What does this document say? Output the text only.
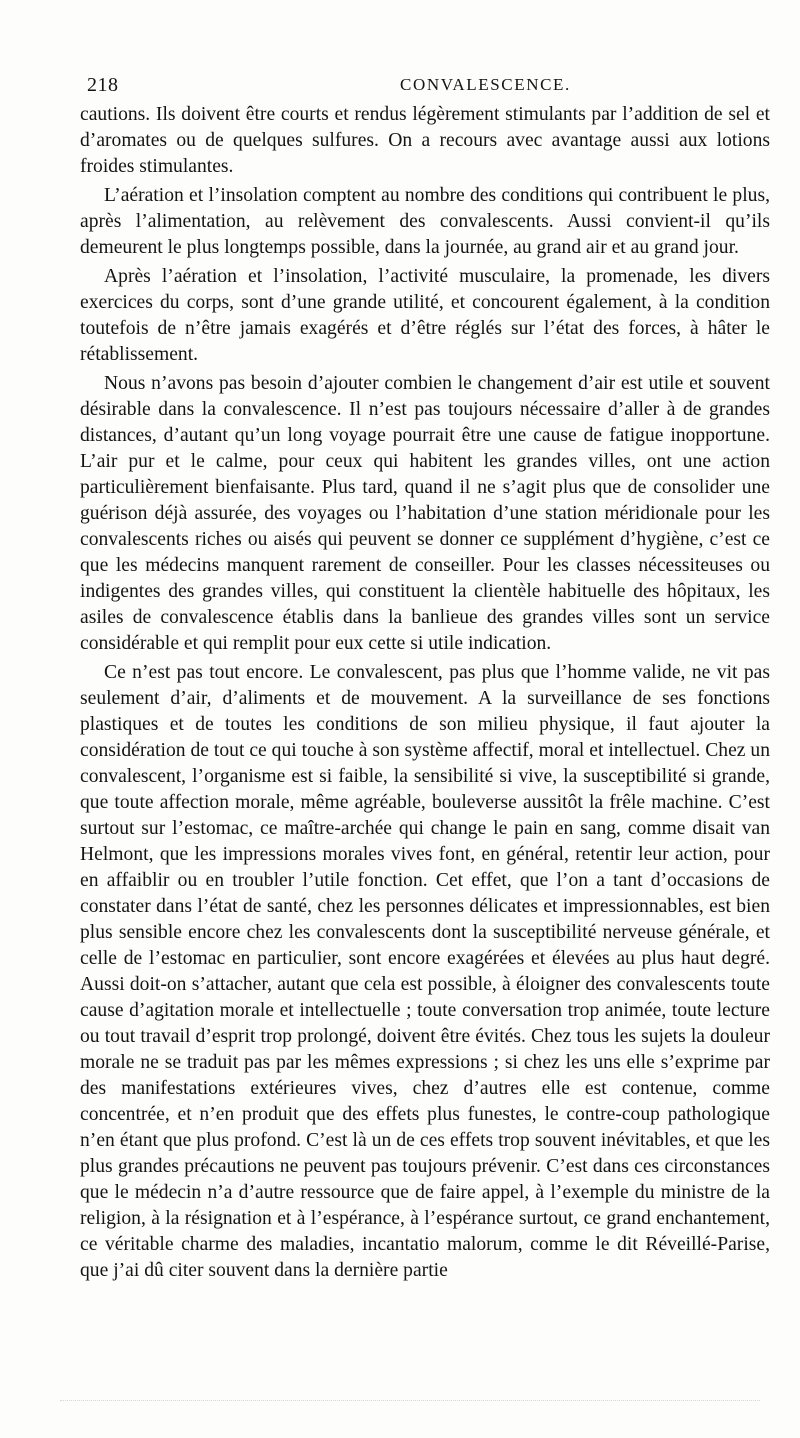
218	CONVALESCENCE.

cautions. Ils doivent être courts et rendus légèrement stimulants par l’addition de sel et d’aromates ou de quelques sulfures. On a recours avec avantage aussi aux lotions froides stimulantes.

L’aération et l’insolation comptent au nombre des conditions qui contribuent le plus, après l’alimentation, au relèvement des convalescents. Aussi convient-il qu’ils demeurent le plus longtemps possible, dans la journée, au grand air et au grand jour.

Après l’aération et l’insolation, l’activité musculaire, la promenade, les divers exercices du corps, sont d’une grande utilité, et concourent également, à la condition toutefois de n’être jamais exagérés et d’être réglés sur l’état des forces, à hâter le rétablissement.

Nous n’avons pas besoin d’ajouter combien le changement d’air est utile et souvent désirable dans la convalescence. Il n’est pas toujours nécessaire d’aller à de grandes distances, d’autant qu’un long voyage pourrait être une cause de fatigue inopportune. L’air pur et le calme, pour ceux qui habitent les grandes villes, ont une action particulièrement bienfaisante. Plus tard, quand il ne s’agit plus que de consolider une guérison déjà assurée, des voyages ou l’habitation d’une station méridionale pour les convalescents riches ou aisés qui peuvent se donner ce supplément d’hygiène, c’est ce que les médecins manquent rarement de conseiller. Pour les classes nécessiteuses ou indigentes des grandes villes, qui constituent la clientèle habituelle des hôpitaux, les asiles de convalescence établis dans la banlieue des grandes villes sont un service considérable et qui remplit pour eux cette si utile indication.

Ce n’est pas tout encore. Le convalescent, pas plus que l’homme valide, ne vit pas seulement d’air, d’aliments et de mouvement. A la surveillance de ses fonctions plastiques et de toutes les conditions de son milieu physique, il faut ajouter la considération de tout ce qui touche à son système affectif, moral et intellectuel. Chez un convalescent, l’organisme est si faible, la sensibilité si vive, la susceptibilité si grande, que toute affection morale, même agréable, bouleverse aussitôt la frêle machine. C’est surtout sur l’estomac, ce maître-archée qui change le pain en sang, comme disait van Helmont, que les impressions morales vives font, en général, retentir leur action, pour en affaiblir ou en troubler l’utile fonction. Cet effet, que l’on a tant d’occasions de constater dans l’état de santé, chez les personnes délicates et impressionnables, est bien plus sensible encore chez les convalescents dont la susceptibilité nerveuse générale, et celle de l’estomac en particulier, sont encore exagérées et élevées au plus haut degré. Aussi doit-on s’attacher, autant que cela est possible, à éloigner des convalescents toute cause d’agitation morale et intellectuelle ; toute conversation trop animée, toute lecture ou tout travail d’esprit trop prolongé, doivent être évités. Chez tous les sujets la douleur morale ne se traduit pas par les mêmes expressions ; si chez les uns elle s’exprime par des manifestations extérieures vives, chez d’autres elle est contenue, comme concentrée, et n’en produit que des effets plus funestes, le contre-coup pathologique n’en étant que plus profond. C’est là un de ces effets trop souvent inévitables, et que les plus grandes précautions ne peuvent pas toujours prévenir. C’est dans ces circonstances que le médecin n’a d’autre ressource que de faire appel, à l’exemple du ministre de la religion, à la résignation et à l’espérance, à l’espérance surtout, ce grand enchantement, ce véritable charme des maladies, incantatio malorum, comme le dit Réveillé-Parise, que j’ai dû citer souvent dans la dernière partie
